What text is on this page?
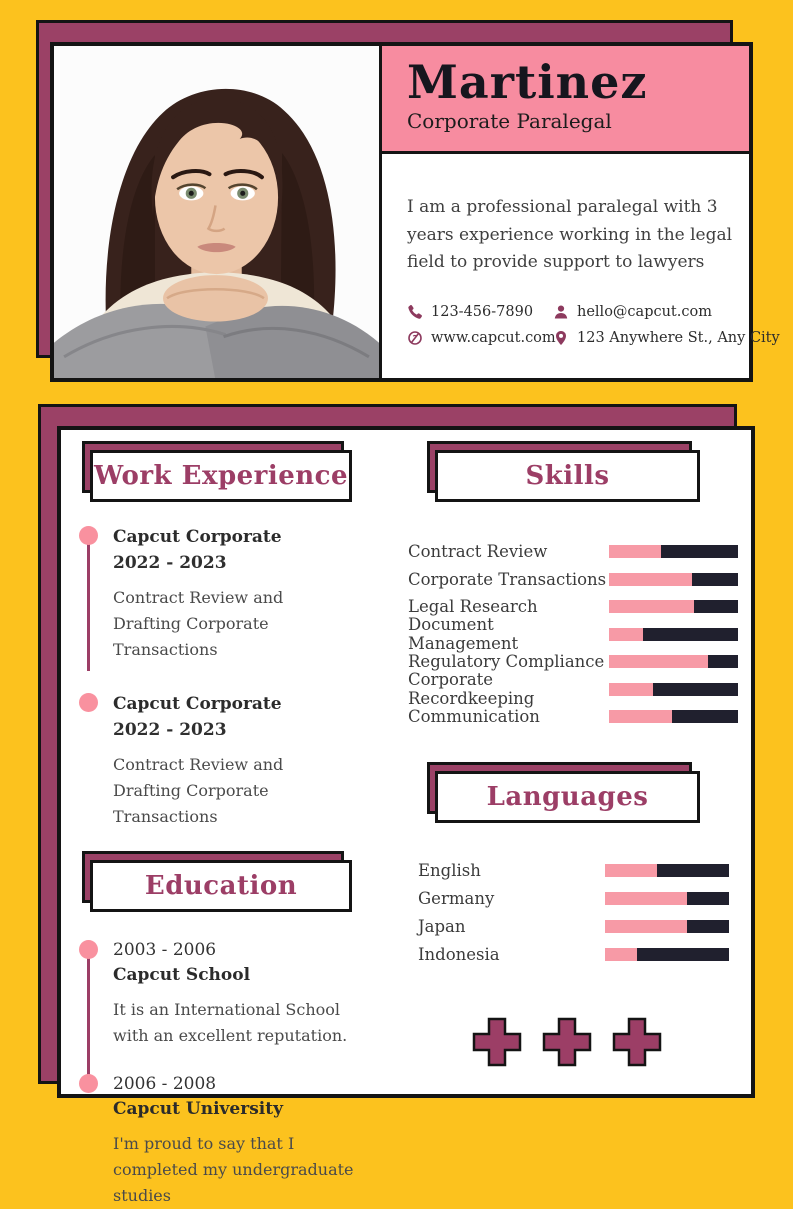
Martinez
Corporate Paralegal
I am a professional paralegal with 3 years experience working in the legal field to provide support to lawyers
123-456-7890	hello@capcut.com
www.capcut.com 123 Anywhere St., Any City
Work Experience
Capcut Corporate
2022 - 2023
Contract Review and Drafting Corporate Transactions
Capcut Corporate
2022 - 2023
Contract Review and Drafting Corporate Transactions
Education
2003 - 2006
Capcut School
It is an International School with an excellent reputation.
2006 - 2008
Capcut University
I'm proud to say that I completed my undergraduate studies
Skills
Contract Review
Corporate Transactions
Legal Research
Document Management
Regulatory Compliance
Corporate Recordkeeping
Communication
Languages
English
Germany
Japan
Indonesia
